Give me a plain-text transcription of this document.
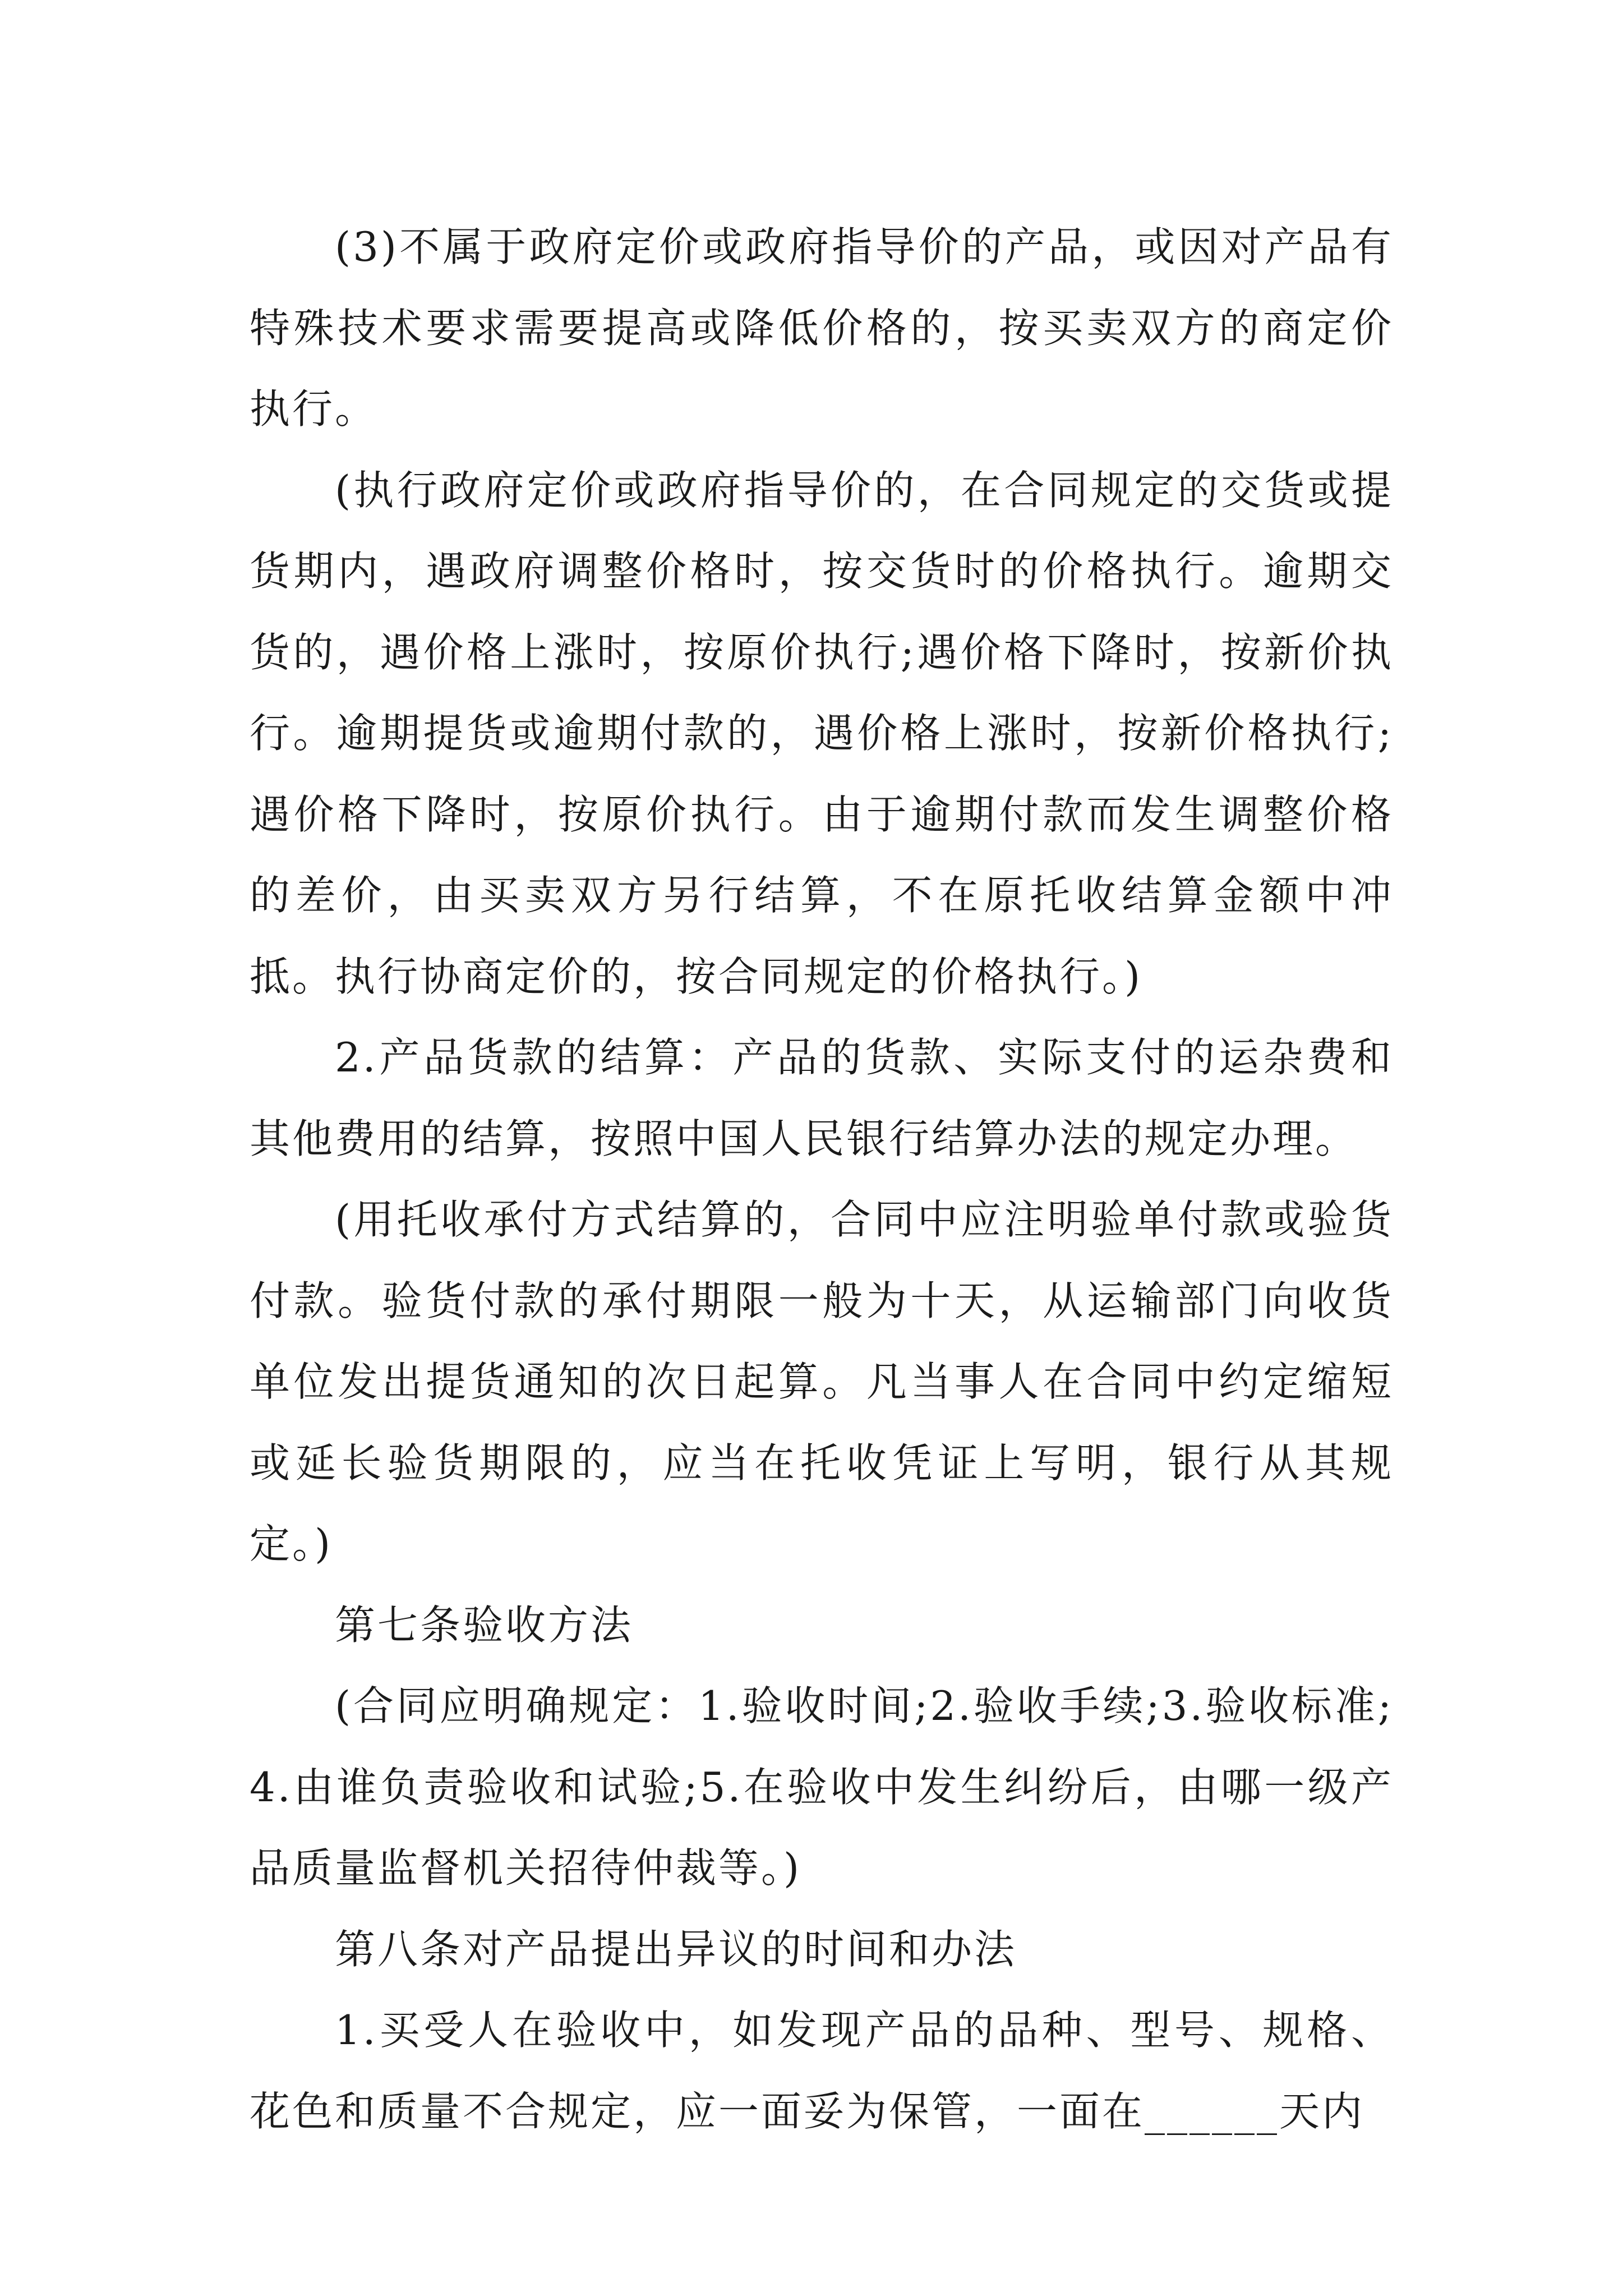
(3)不属于政府定价或政府指导价的产品，或因对产品有特殊技术要求需要提高或降低价格的，按买卖双方的商定价执行。

(执行政府定价或政府指导价的，在合同规定的交货或提货期内，遇政府调整价格时，按交货时的价格执行。逾期交货的，遇价格上涨时，按原价执行;遇价格下降时，按新价执行。逾期提货或逾期付款的，遇价格上涨时，按新价格执行;遇价格下降时，按原价执行。由于逾期付款而发生调整价格的差价，由买卖双方另行结算，不在原托收结算金额中冲抵。执行协商定价的，按合同规定的价格执行。)

2.产品货款的结算：产品的货款、实际支付的运杂费和其他费用的结算，按照中国人民银行结算办法的规定办理。

(用托收承付方式结算的，合同中应注明验单付款或验货付款。验货付款的承付期限一般为十天，从运输部门向收货单位发出提货通知的次日起算。凡当事人在合同中约定缩短或延长验货期限的，应当在托收凭证上写明，银行从其规定。)

第七条验收方法

(合同应明确规定：1.验收时间;2.验收手续;3.验收标准;4.由谁负责验收和试验;5.在验收中发生纠纷后，由哪一级产品质量监督机关招待仲裁等。)

第八条对产品提出异议的时间和办法

1.买受人在验收中，如发现产品的品种、型号、规格、花色和质量不合规定，应一面妥为保管，一面在______天内
